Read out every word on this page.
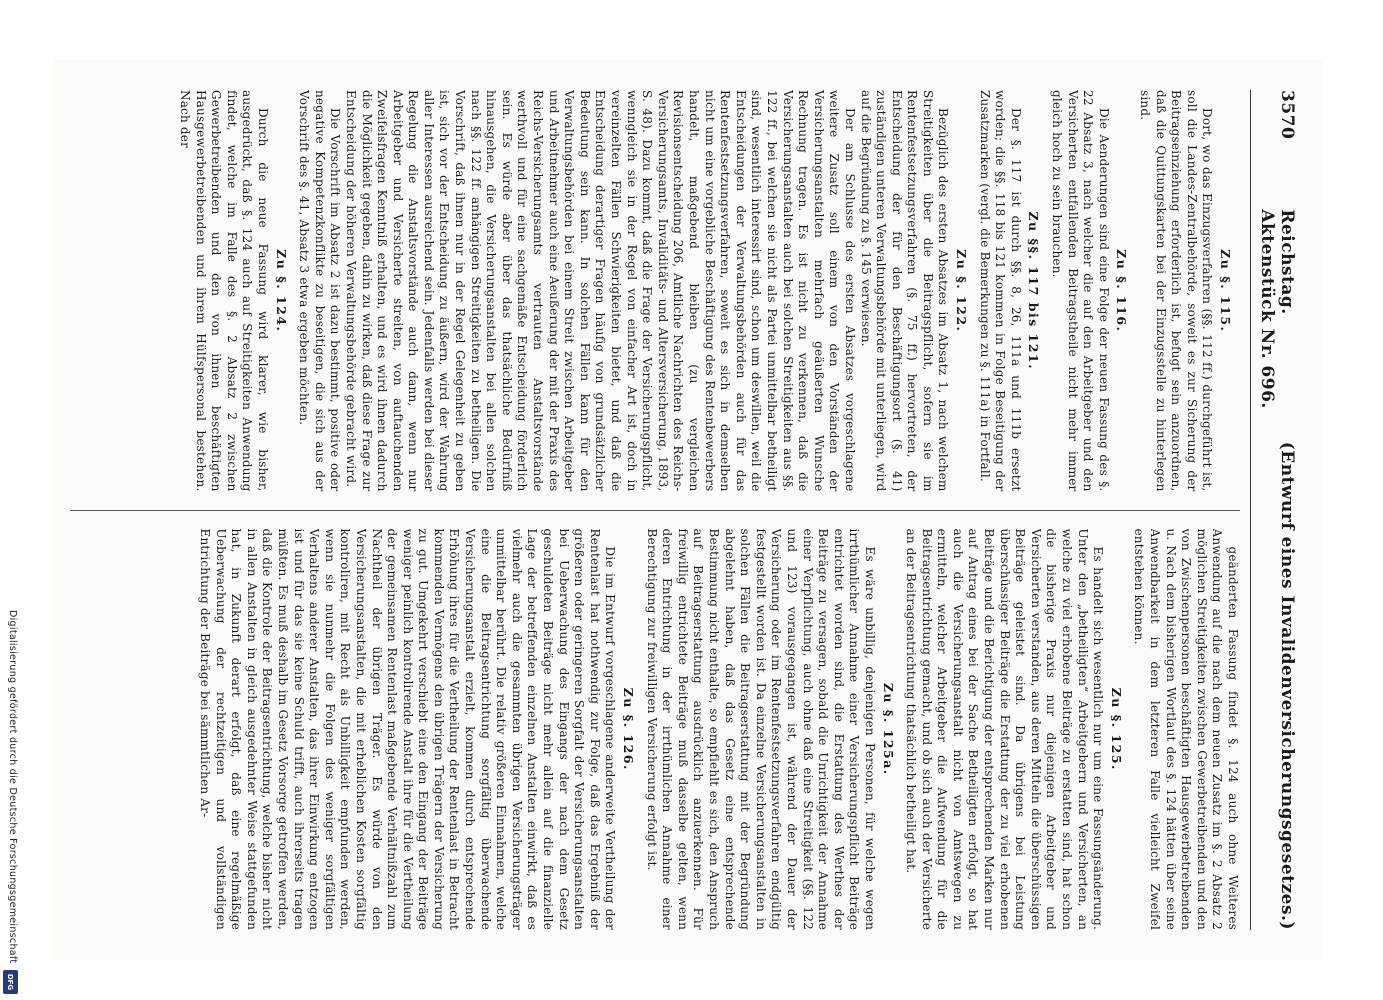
3570
Reichstag.     Aktenstück Nr. 696.
(Entwurf eines Invalidenversicherungsgesetzes.)
Zu §. 115.

Dort, wo das Einzugsverfahren (§§. 112 ff.) durchgeführt ist, soll die Landes-Zentralbehörde, soweit es zur Sicherung der Beitragseinziehung erforderlich ist, befugt sein anzuordnen, daß die Quittungskarten bei der Einzugsstelle zu hinterlegen sind.

Zu §. 116.

Die Aenderungen sind eine Folge der neuen Fassung des §. 22 Absatz 3, nach welcher die auf den Arbeitgeber und den Versicherten entfallenden Beitragstheile nicht mehr immer gleich hoch zu sein brauchen.

Zu §§. 117 bis 121.

Der §. 117 ist durch §§. 8, 26, 111a und 111b ersetzt worden; die §§. 118 bis 121 kommen in Folge Beseitigung der Zusatzmarken (vergl. die Bemerkungen zu §. 111a) in Fortfall.

Zu §. 122.

Bezüglich des ersten Absatzes im Absatz 1, nach welchem Streitigkeiten über die Beitragspflicht, sofern sie im Rentenfestsetzungsverfahren (§. 75 ff.) hervortreten, der Entscheidung der für den Beschäftigungsort (§. 41) zuständigen unteren Verwaltungsbehörde mit unterliegen, wird auf die Begründung zu §. 145 verwiesen.

Der am Schlusse des ersten Absatzes vorgeschlagene weitere Zusatz soll einem von den Vorständen der Versicherungsanstalten mehrfach geäußerten Wunsche Rechnung tragen. Es ist nicht zu verkennen, daß die Versicherungsanstalten auch bei solchen Streitigkeiten aus §§. 122 ff., bei welchen sie nicht als Partei unmittelbar betheiligt sind, wesentlich interessirt sind, schon um deswillen, weil die Entscheidungen der Verwaltungsbehörden auch für das Rentenfestsetzungsverfahren, soweit es sich in demselben nicht um eine vorgebliche Beschäftigung des Rentenbewerbers handelt, maßgebend bleiben (zu vergleichen Revisionsentscheidung 206, Amtliche Nachrichten des Reichs-Versicherungsamts, Invaliditäts- und Altersversicherung, 1893, S. 48). Dazu kommt, daß die Frage der Versicherungspflicht, wenngleich sie in der Regel von einfacher Art ist, doch in vereinzelten Fällen Schwierigkeiten bietet, und daß die Entscheidung derartiger Fragen häufig von grundsätzlicher Bedeutung sein kann. In solchen Fällen kann für den Verwaltungsbehörden bei einem Streit zwischen Arbeitgeber und Arbeitnehmer auch eine Aeußerung der mit der Praxis des Reichs-Versicherungsamts vertrauten Anstaltsvorstände werthvoll und für eine sachgemäße Entscheidung förderlich sein. Es würde aber über das thatsächliche Bedürfniß hinausgehen, die Versicherungsanstalten bei allen solchen nach §§. 122 ff. anhängigen Streitigkeiten zu betheiligen. Die Vorschrift, daß ihnen nur in der Regel Gelegenheit zu geben ist, sich vor der Entscheidung zu äußern, wird der Wahrung aller Interessen ausreichend sein. Jedenfalls werden bei dieser Regelung die Anstaltsvorstände auch dann, wenn nur Arbeitgeber und Versicherte streiten, von auftauchenden Zweifelsfragen Kenntniß erhalten, und es wird ihnen dadurch die Möglichkeit gegeben, dahin zu wirken, daß diese Frage zur Entscheidung der höheren Verwaltungsbehörde gebracht wird.

Die Vorschrift im Absatz 2 ist dazu bestimmt, positive oder negative Kompetenzkonflikte zu beseitigen, die sich aus der Vorschrift des §. 41, Absatz 3 etwa ergeben möchten.

Zu §. 124.

Durch die neue Fassung wird klarer, wie bisher, ausgedrückt, daß §. 124 auch auf Streitigkeiten Anwendung findet, welche im Falle des §. 2 Absatz 2 zwischen Gewerbetreibenden und den von ihnen beschäftigten Hausgewerbetreibenden und ihrem Hülfspersonal bestehen. Nach der

geänderten Fassung findet §. 124 auch ohne Weiteres Anwendung auf die nach dem neuen Zusatz im §. 2 Absatz 2 möglichen Streitigkeiten zwischen Gewerbetreibenden und den von Zwischenpersonen beschäftigten Hausgewerbetreibenden u. Nach dem bisherigen Wortlaut des §. 124 hätten über seine Anwendbarkeit in dem letzteren Falle vielleicht Zweifel entstehen können.

Zu §. 125.

Es handelt sich wesentlich nur um eine Fassungsänderung. Unter den „betheiligten“ Arbeitgebern und Versicherten, an welche zu viel erhobene Beiträge zu erstatten sind, hat schon die bisherige Praxis nur diejenigen Arbeitgeber und Versicherten verstanden, aus deren Mitteln die überschüssigen Beiträge geleistet sind. Da übrigens bei Leistung überschüssiger Beiträge die Erstattung der zu viel erhobenen Beiträge und die Berichtigung der entsprechenden Marken nur auf Antrag eines bei der Sache Betheiligten erfolgt, so hat auch die Versicherungsanstalt nicht von Amtswegen zu ermitteln, welcher Arbeitgeber die Aufwendung für die Beitragsentrichtung gemacht, und ob sich auch der Versicherte an der Beitragsentrichtung thatsächlich betheiligt hat.

Zu §. 125a.

Es wäre unbillig, denjenigen Personen, für welche wegen irrthümlicher Annahme einer Versicherungspflicht Beiträge entrichtet worden sind, die Erstattung des Werthes der Beiträge zu versagen, sobald die Unrichtigkeit der Annahme einer Verpflichtung, auch ohne daß eine Streitigkeit (§§. 122 und 123) vorausgegangen ist, während der Dauer der Versicherung oder im Rentenfestsetzungsverfahren endgültig festgestellt worden ist. Da einzelne Versicherungsanstalten in solchen Fällen die Beitragserstattung mit der Begründung abgelehnt haben, daß das Gesetz eine entsprechende Bestimmung nicht enthalte, so empfiehlt es sich, den Anspruch auf Beitragserstattung ausdrücklich anzuerkennen. Für freiwillig entrichtete Beiträge muß dasselbe gelten, wenn deren Entrichtung in der irrthümlichen Annahme einer Berechtigung zur freiwilligen Versicherung erfolgt ist.

Zu §. 126.

Die im Entwurf vorgeschlagene anderweite Vertheilung der Rentenlast hat nothwendig zur Folge, daß das Ergebniß der größeren oder geringeren Sorgfalt der Versicherungsanstalten bei Ueberwachung des Eingangs der nach dem Gesetz geschuldeten Beiträge nicht mehr allein auf die finanzielle Lage der betreffenden einzelnen Anstalten einwirkt, daß es vielmehr auch die gesammten übrigen Versicherungsträger unmittelbar berührt. Die relativ größeren Einnahmen, welche eine die Beitragsentrichtung sorgfältig überwachende Versicherungsanstalt erzielt, kommen durch entsprechende Erhöhung ihres für die Vertheilung der Rentenlast in Betracht kommenden Vermögens den übrigen Trägern der Versicherung zu gut. Umgekehrt verschiebt eine den Eingang der Beiträge weniger peinlich kontrolirende Anstalt ihre für die Vertheilung der gemeinsamen Rentenlast maßgebende Verhältnißzahl zum Nachtheil der übrigen Träger. Es würde von den Versicherungsanstalten, die mit erheblichen Kosten sorgfältig kontroliren, mit Recht als Unbilligkeit empfunden werden, wenn sie nunmehr die Folgen des weniger sorgfältigen Verhaltens anderer Anstalten, das ihrer Einwirkung entzogen ist und für das sie keine Schuld trifft, auch ihrerseits tragen müßten. Es muß deshalb im Gesetz Vorsorge getroffen werden, daß die Kontrole der Beitragsentrichtung, welche bisher nicht in allen Anstalten in gleich ausgedehnter Weise stattgefunden hat, in Zukunft derart erfolgt, daß eine regelmäßige Ueberwachung der rechtzeitigen und vollständigen Entrichtung der Beiträge bei sämmtlichen Ar-

Digitalisierung gefördert durch die Deutsche Forschungsgemeinschaft
DFG
